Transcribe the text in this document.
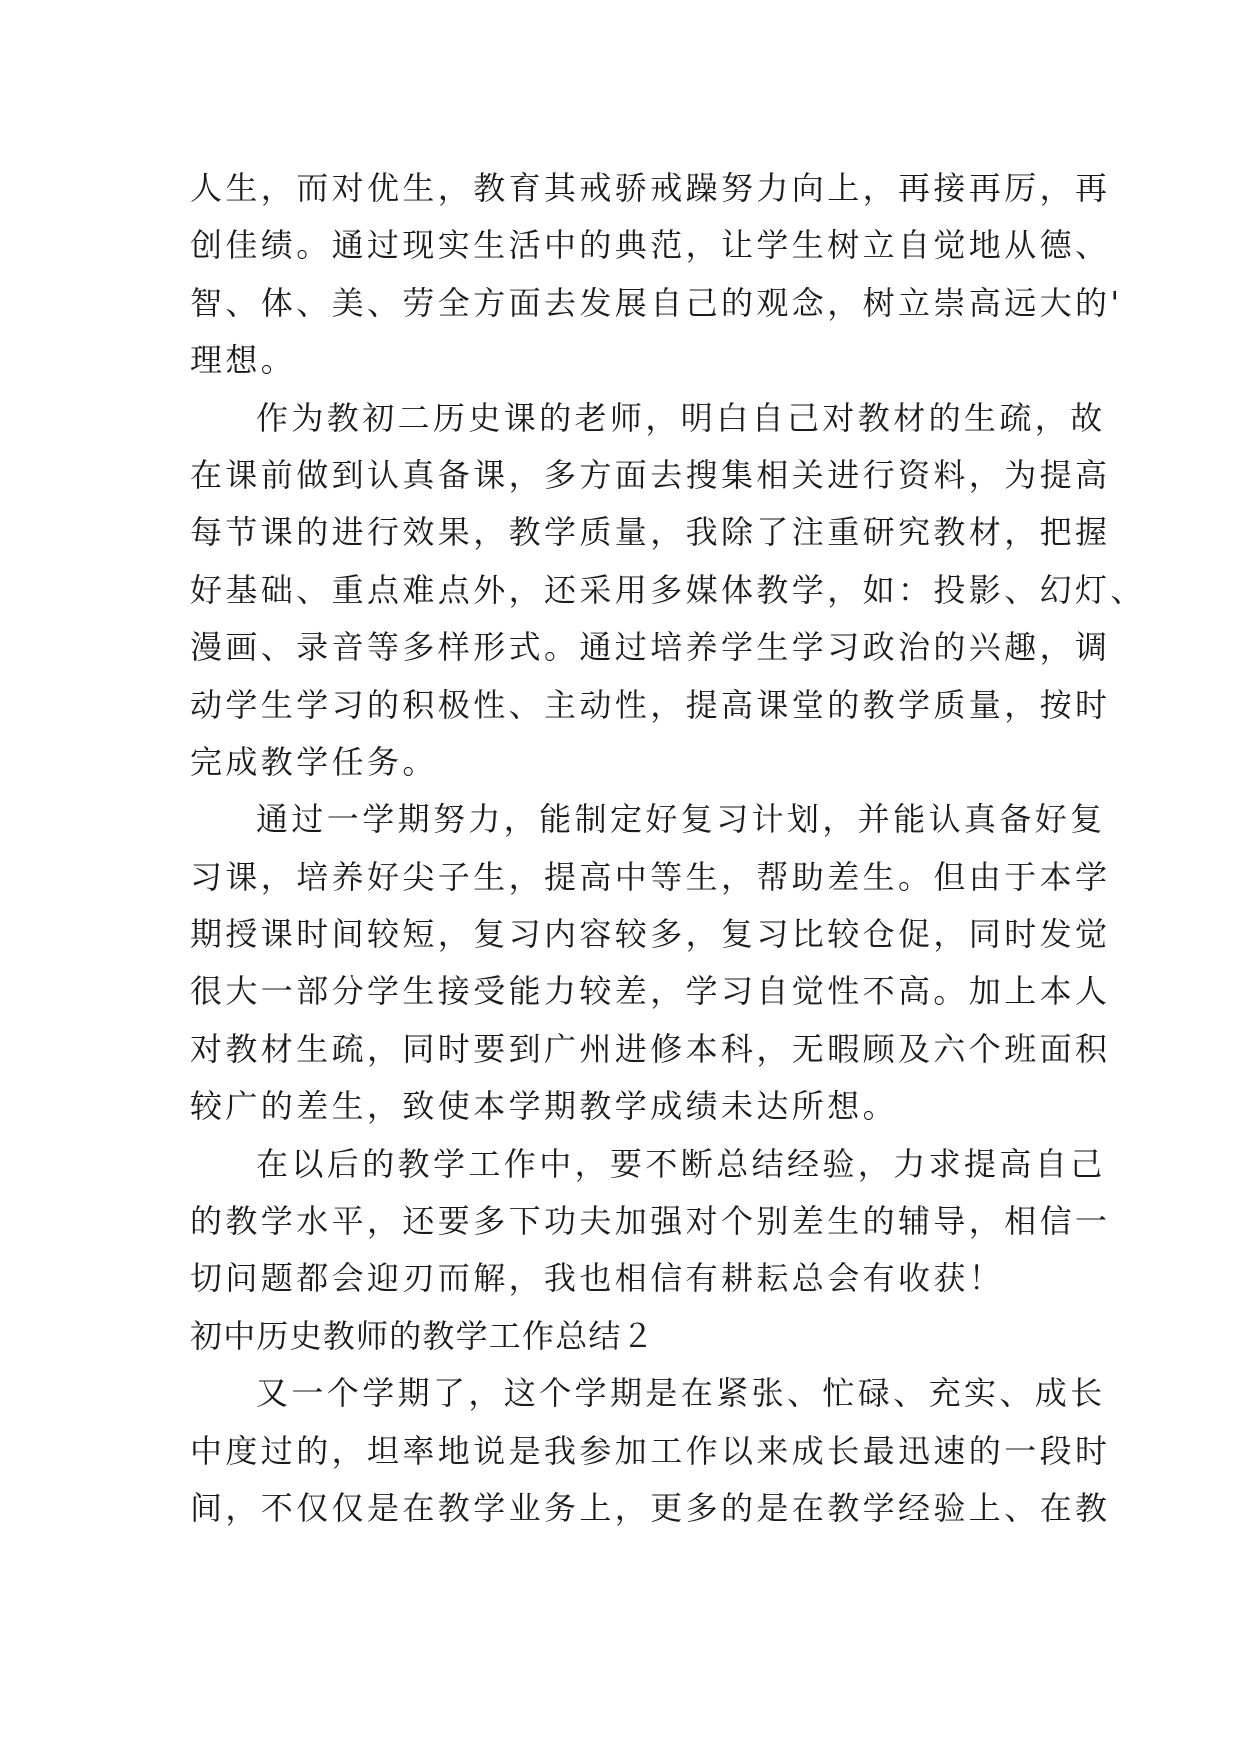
人生，而对优生，教育其戒骄戒躁努力向上，再接再厉，再
创佳绩。通过现实生活中的典范，让学生树立自觉地从德、
智、体、美、劳全方面去发展自己的观念，树立崇高远大的'
理想。
作为教初二历史课的老师，明白自己对教材的生疏，故
在课前做到认真备课，多方面去搜集相关进行资料，为提高
每节课的进行效果，教学质量，我除了注重研究教材，把握
好基础、重点难点外，还采用多媒体教学，如：投影、幻灯、
漫画、录音等多样形式。通过培养学生学习政治的兴趣，调
动学生学习的积极性、主动性，提高课堂的教学质量，按时
完成教学任务。
通过一学期努力，能制定好复习计划，并能认真备好复
习课，培养好尖子生，提高中等生，帮助差生。但由于本学
期授课时间较短，复习内容较多，复习比较仓促，同时发觉
很大一部分学生接受能力较差，学习自觉性不高。加上本人
对教材生疏，同时要到广州进修本科，无暇顾及六个班面积
较广的差生，致使本学期教学成绩未达所想。
在以后的教学工作中，要不断总结经验，力求提高自己
的教学水平，还要多下功夫加强对个别差生的辅导，相信一
切问题都会迎刃而解，我也相信有耕耘总会有收获！
初中历史教师的教学工作总结２
又一个学期了，这个学期是在紧张、忙碌、充实、成长
中度过的，坦率地说是我参加工作以来成长最迅速的一段时
间，不仅仅是在教学业务上，更多的是在教学经验上、在教
